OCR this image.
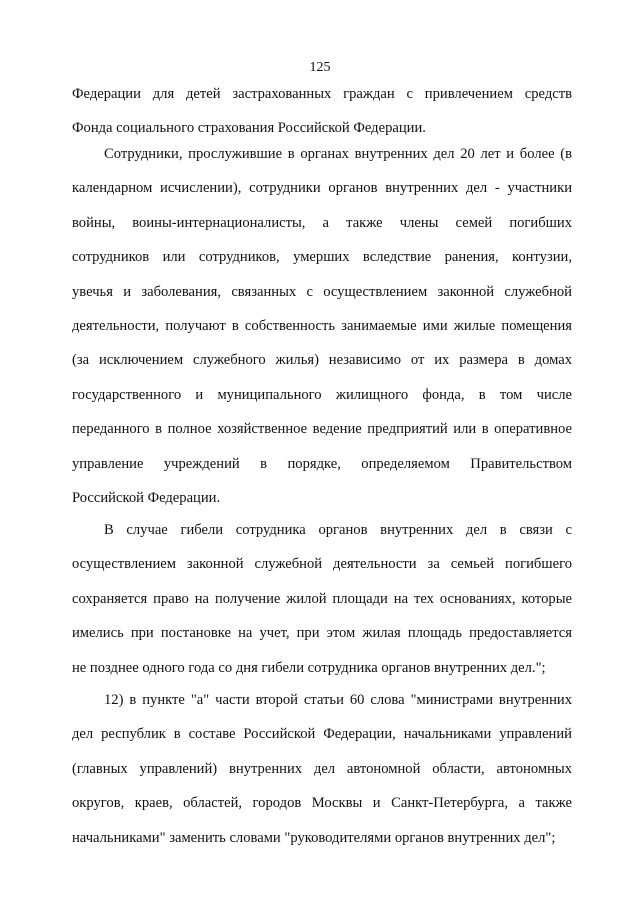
125
Федерации для детей застрахованных граждан с привлечением средств
Фонда социального страхования Российской Федерации.
Сотрудники, прослужившие в органах внутренних дел 20 лет и более (в
календарном исчислении), сотрудники органов внутренних дел - участники
войны, воины-интернационалисты, а также члены семей погибших
сотрудников или сотрудников, умерших вследствие ранения, контузии,
увечья и заболевания, связанных с осуществлением законной служебной
деятельности, получают в собственность занимаемые ими жилые помещения
(за исключением служебного жилья) независимо от их размера в домах
государственного и муниципального жилищного фонда, в том числе
переданного в полное хозяйственное ведение предприятий или в оперативное
управление учреждений в порядке, определяемом Правительством
Российской Федерации.
В случае гибели сотрудника органов внутренних дел в связи с
осуществлением законной служебной деятельности за семьей погибшего
сохраняется право на получение жилой площади на тех основаниях, которые
имелись при постановке на учет, при этом жилая площадь предоставляется
не позднее одного года со дня гибели сотрудника органов внутренних дел.";
12) в пункте "а" части второй статьи 60 слова "министрами внутренних
дел республик в составе Российской Федерации, начальниками управлений
(главных управлений) внутренних дел автономной области, автономных
округов, краев, областей, городов Москвы и Санкт-Петербурга, а также
начальниками" заменить словами "руководителями органов внутренних дел";
